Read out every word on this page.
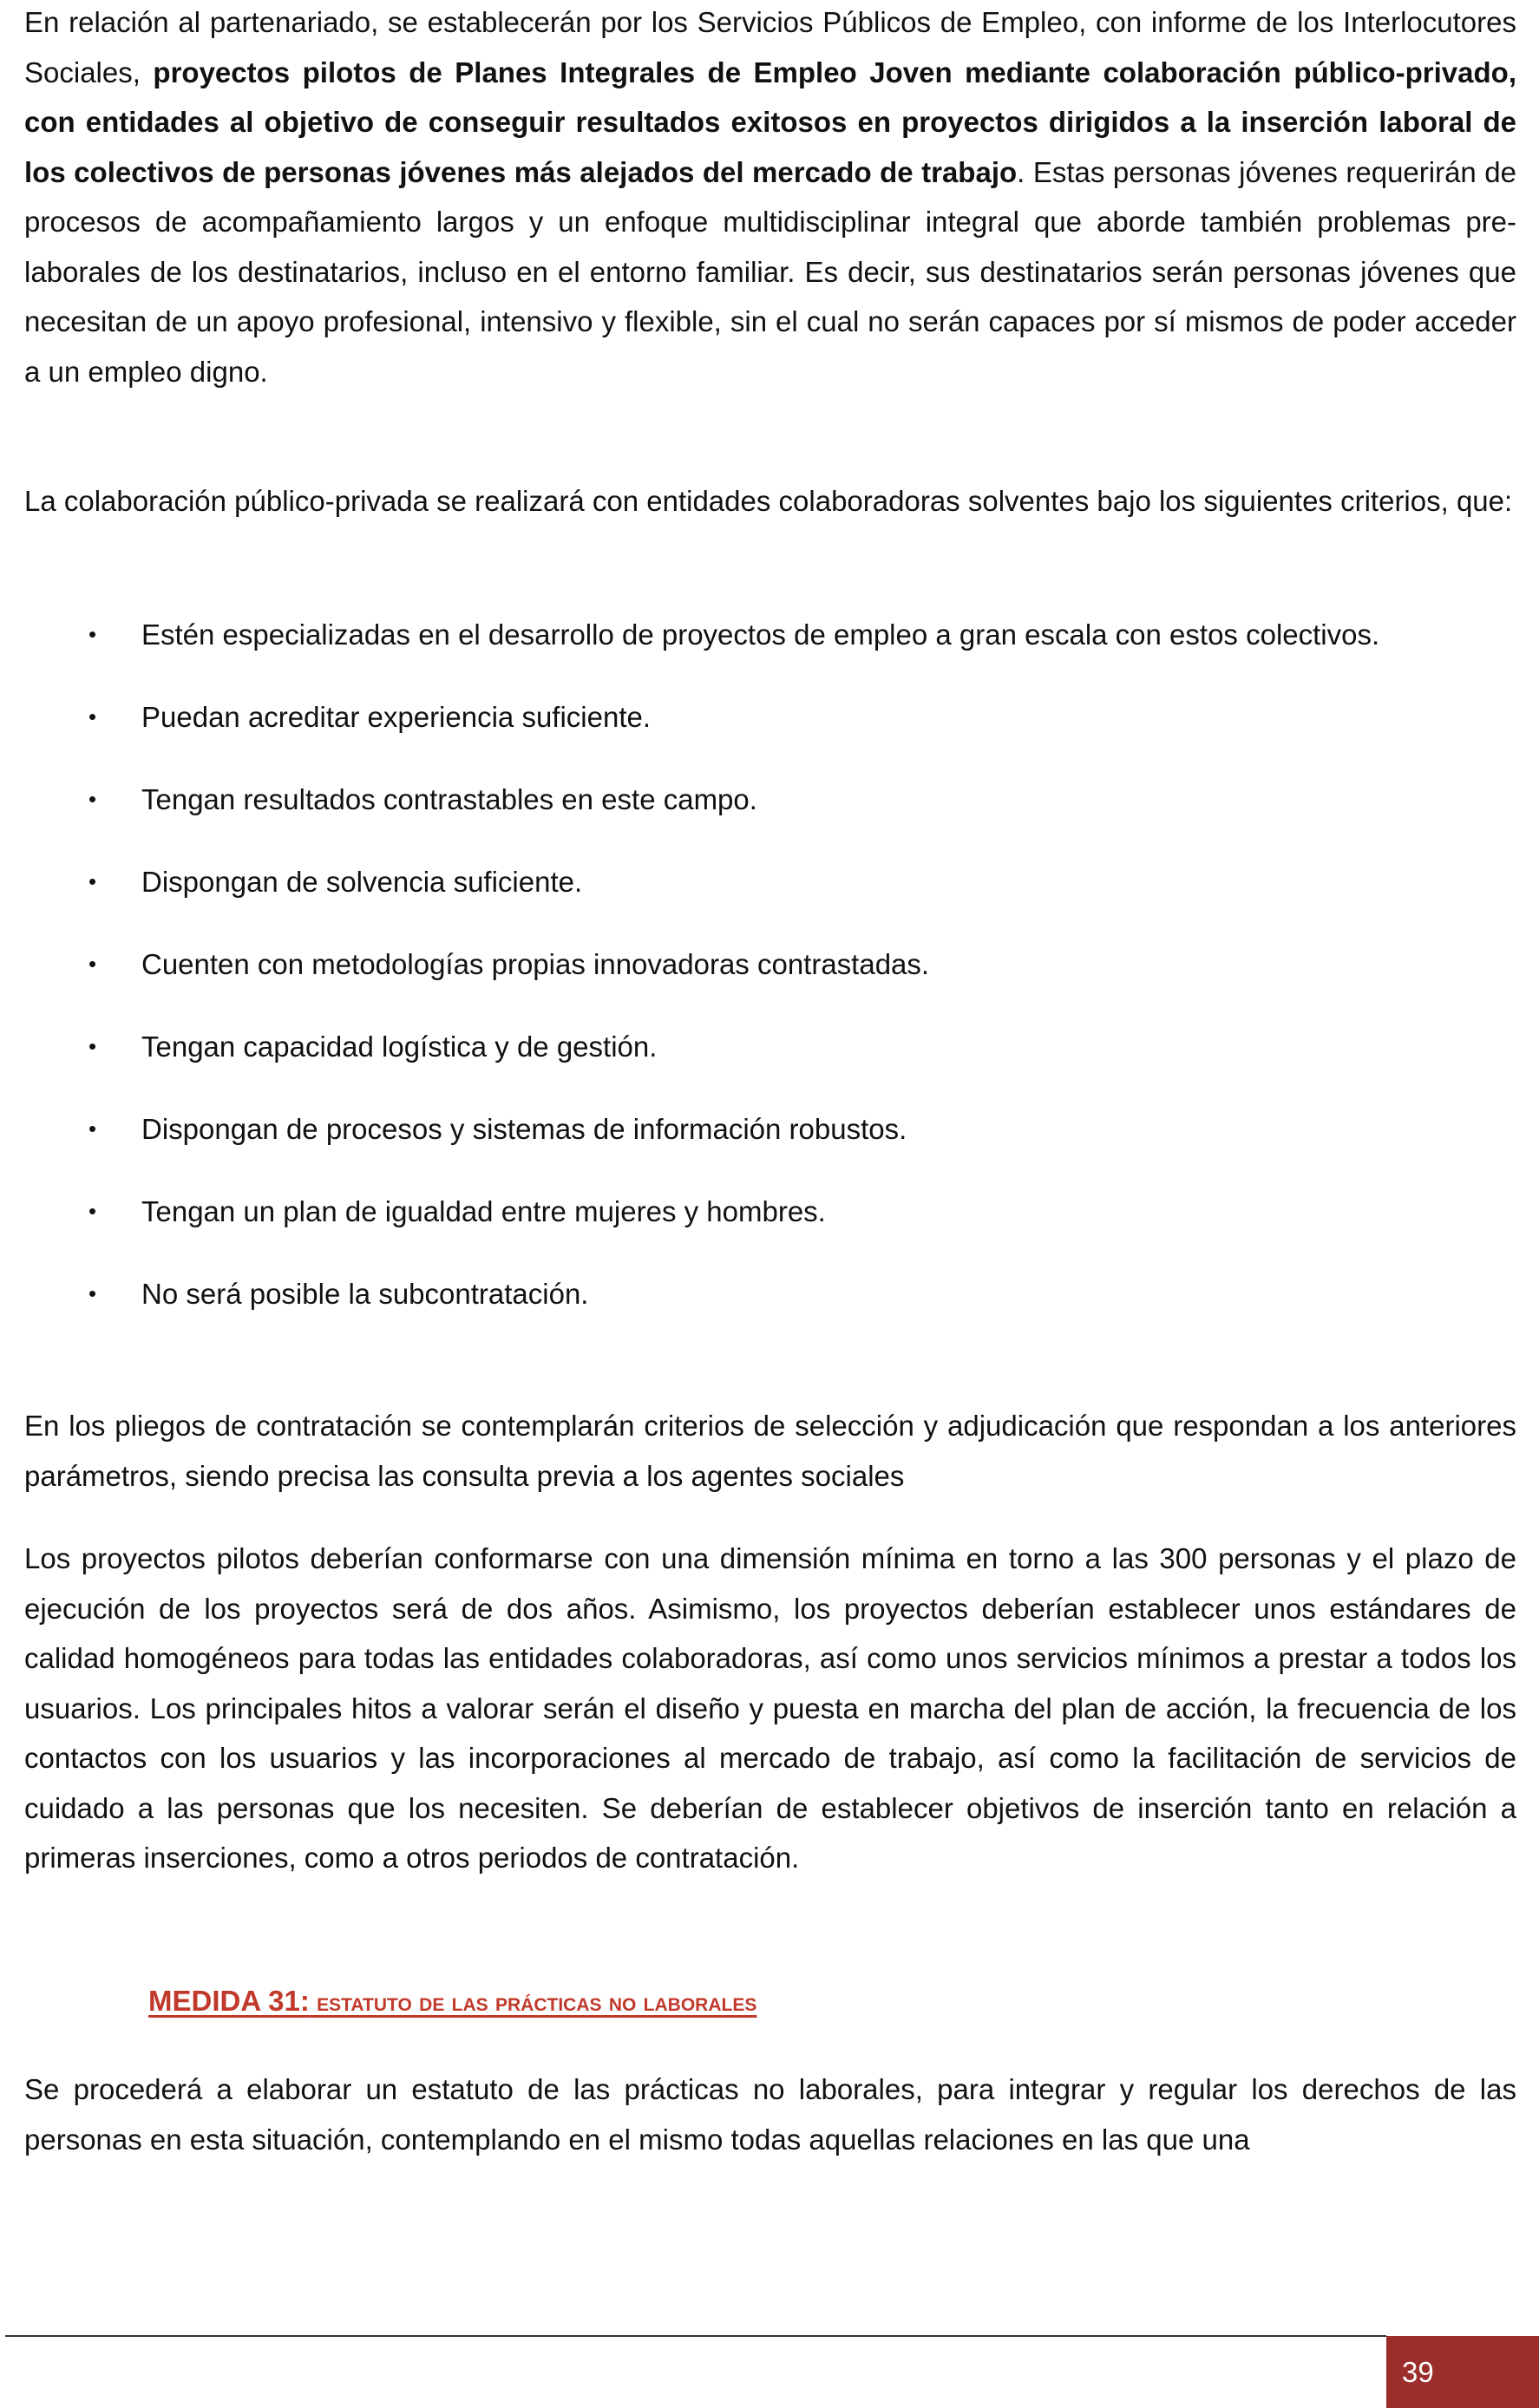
En relación al partenariado, se establecerán por los Servicios Públicos de Empleo, con informe de los Interlocutores Sociales, proyectos pilotos de Planes Integrales de Empleo Joven mediante colaboración público-privado, con entidades al objetivo de conseguir resultados exitosos en proyectos dirigidos a la inserción laboral de los colectivos de personas jóvenes más alejados del mercado de trabajo. Estas personas jóvenes requerirán de procesos de acompañamiento largos y un enfoque multidisciplinar integral que aborde también problemas pre-laborales de los destinatarios, incluso en el entorno familiar. Es decir, sus destinatarios serán personas jóvenes que necesitan de un apoyo profesional, intensivo y flexible, sin el cual no serán capaces por sí mismos de poder acceder a un empleo digno.

La colaboración público-privada se realizará con entidades colaboradoras solventes bajo los siguientes criterios, que:

• Estén especializadas en el desarrollo de proyectos de empleo a gran escala con estos colectivos.
• Puedan acreditar experiencia suficiente.
• Tengan resultados contrastables en este campo.
• Dispongan de solvencia suficiente.
• Cuenten con metodologías propias innovadoras contrastadas.
• Tengan capacidad logística y de gestión.
• Dispongan de procesos y sistemas de información robustos.
• Tengan un plan de igualdad entre mujeres y hombres.
• No será posible la subcontratación.

En los pliegos de contratación se contemplarán criterios de selección y adjudicación que respondan a los anteriores parámetros, siendo precisa las consulta previa a los agentes sociales

Los proyectos pilotos deberían conformarse con una dimensión mínima en torno a las 300 personas y el plazo de ejecución de los proyectos será de dos años. Asimismo, los proyectos deberían establecer unos estándares de calidad homogéneos para todas las entidades colaboradoras, así como unos servicios mínimos a prestar a todos los usuarios. Los principales hitos a valorar serán el diseño y puesta en marcha del plan de acción, la frecuencia de los contactos con los usuarios y las incorporaciones al mercado de trabajo, así como la facilitación de servicios de cuidado a las personas que los necesiten. Se deberían de establecer objetivos de inserción tanto en relación a primeras inserciones, como a otros periodos de contratación.

MEDIDA 31: estatuto de las prácticas no laborales

Se procederá a elaborar un estatuto de las prácticas no laborales, para integrar y regular los derechos de las personas en esta situación, contemplando en el mismo todas aquellas relaciones en las que una

39
